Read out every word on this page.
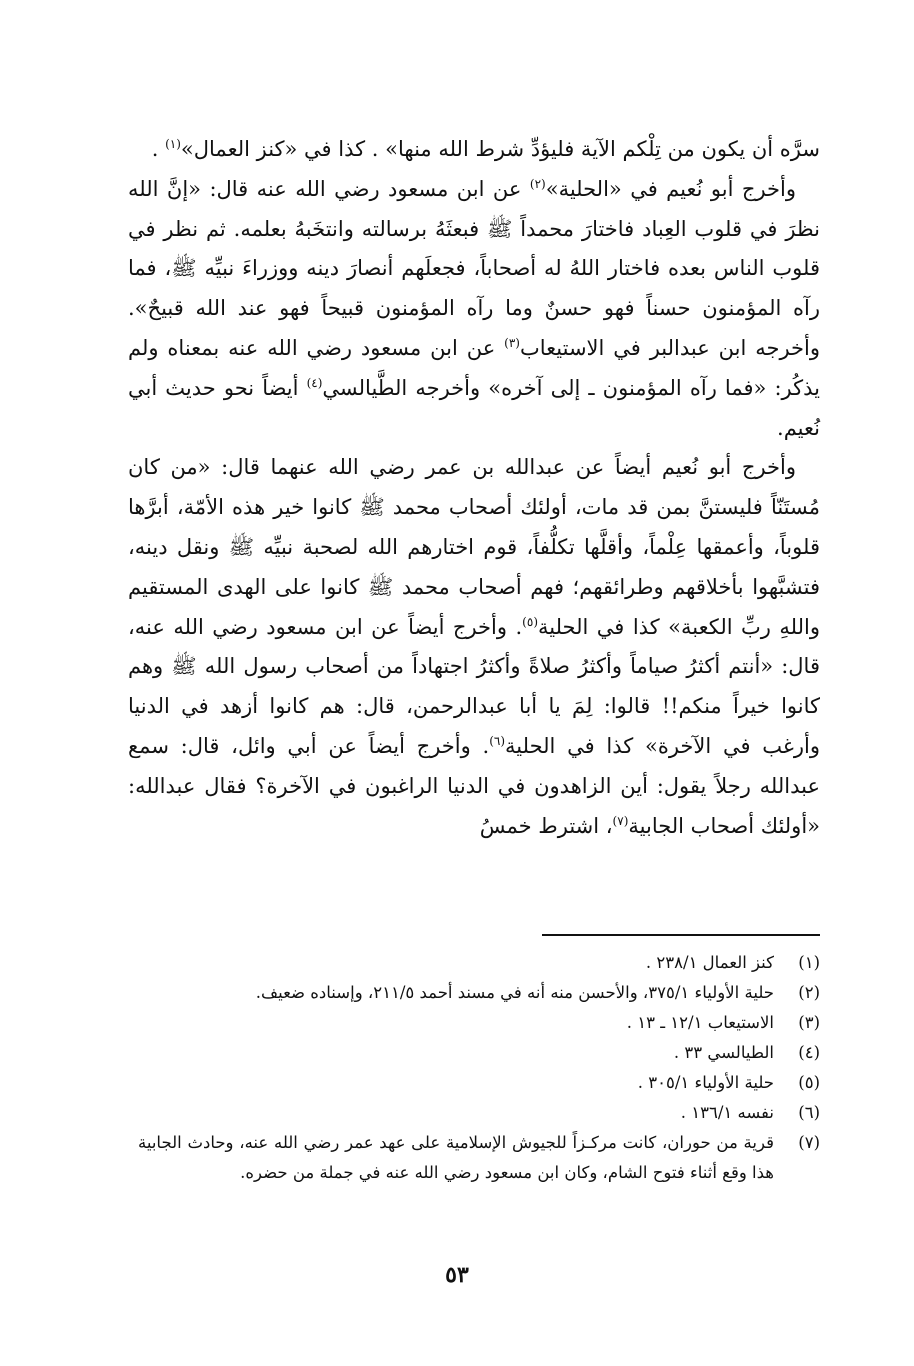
سرَّه أن يكون من تِلْكم الآية فليؤدِّ شرط الله منها» . كذا في «كنز العمال»$^{(١)}$ .

وأخرج أبو نُعيم في «الحلية»$^{(٢)}$ عن ابن مسعود رضي الله عنه قال: «إنَّ الله نظرَ في قلوب العِباد فاختارَ محمداً ﷺ فبعثَهُ برسالته وانتخَبهُ بعلمه. ثم نظر في قلوب الناس بعده فاختار اللهُ له أصحاباً، فجعلَهم أنصارَ دينه ووزراءَ نبيِّه ﷺ، فما رآه المؤمنون حسناً فهو حسنٌ وما رآه المؤمنون قبيحاً فهو عند الله قبيحٌ». وأخرجه ابن عبدالبر في الاستيعاب$^{(٣)}$ عن ابن مسعود رضي الله عنه بمعناه ولم يذكُر: «فما رآه المؤمنون ـ إلى آخره» وأخرجه الطَّيالسي$^{(٤)}$ أيضاً نحو حديث أبي نُعيم.

وأخرج أبو نُعيم أيضاً عن عبدالله بن عمر رضي الله عنهما قال: «من كان مُستَنّاً فليستنَّ بمن قد مات، أولئك أصحاب محمد ﷺ كانوا خير هذه الأمّة، أبرَّها قلوباً، وأعمقها عِلْماً، وأقلَّها تكلُّفاً، قوم اختارهم الله لصحبة نبيِّه ﷺ ونقل دينه، فتشبَّهوا بأخلاقهم وطرائقهم؛ فهم أصحاب محمد ﷺ كانوا على الهدى المستقيم واللهِ ربِّ الكعبة» كذا في الحلية$^{(٥)}$. وأخرج أيضاً عن ابن مسعود رضي الله عنه، قال: «أنتم أكثرُ صياماً وأكثرُ صلاةً وأكثرُ اجتهاداً من أصحاب رسول الله ﷺ وهم كانوا خيراً منكم!! قالوا: لِمَ يا أبا عبدالرحمن، قال: هم كانوا أزهد في الدنيا وأرغب في الآخرة» كذا في الحلية$^{(٦)}$. وأخرج أيضاً عن أبي وائل، قال: سمع عبدالله رجلاً يقول: أين الزاهدون في الدنيا الراغبون في الآخرة؟ فقال عبدالله: «أولئك أصحاب الجابية$^{(٧)}$، اشترط خمسُ

(١)
كنز العمال ٢٣٨/١ .
(٢)
حلية الأولياء ٣٧٥/١، والأحسن منه أنه في مسند أحمد ٢١١/٥، وإسناده ضعيف.
(٣)
الاستيعاب ١٢/١ ـ ١٣ .
(٤)
الطيالسي ٣٣ .
(٥)
حلية الأولياء ٣٠٥/١ .
(٦)
نفسه ١٣٦/١ .
(٧)
قرية من حوران، كانت مركـزاً للجيوش الإسلامية على عهد عمر رضي الله عنه، وحادث الجابية هذا وقع أثناء فتوح الشام، وكان ابن مسعود رضي الله عنه في جملة من حضره.
٥٣
